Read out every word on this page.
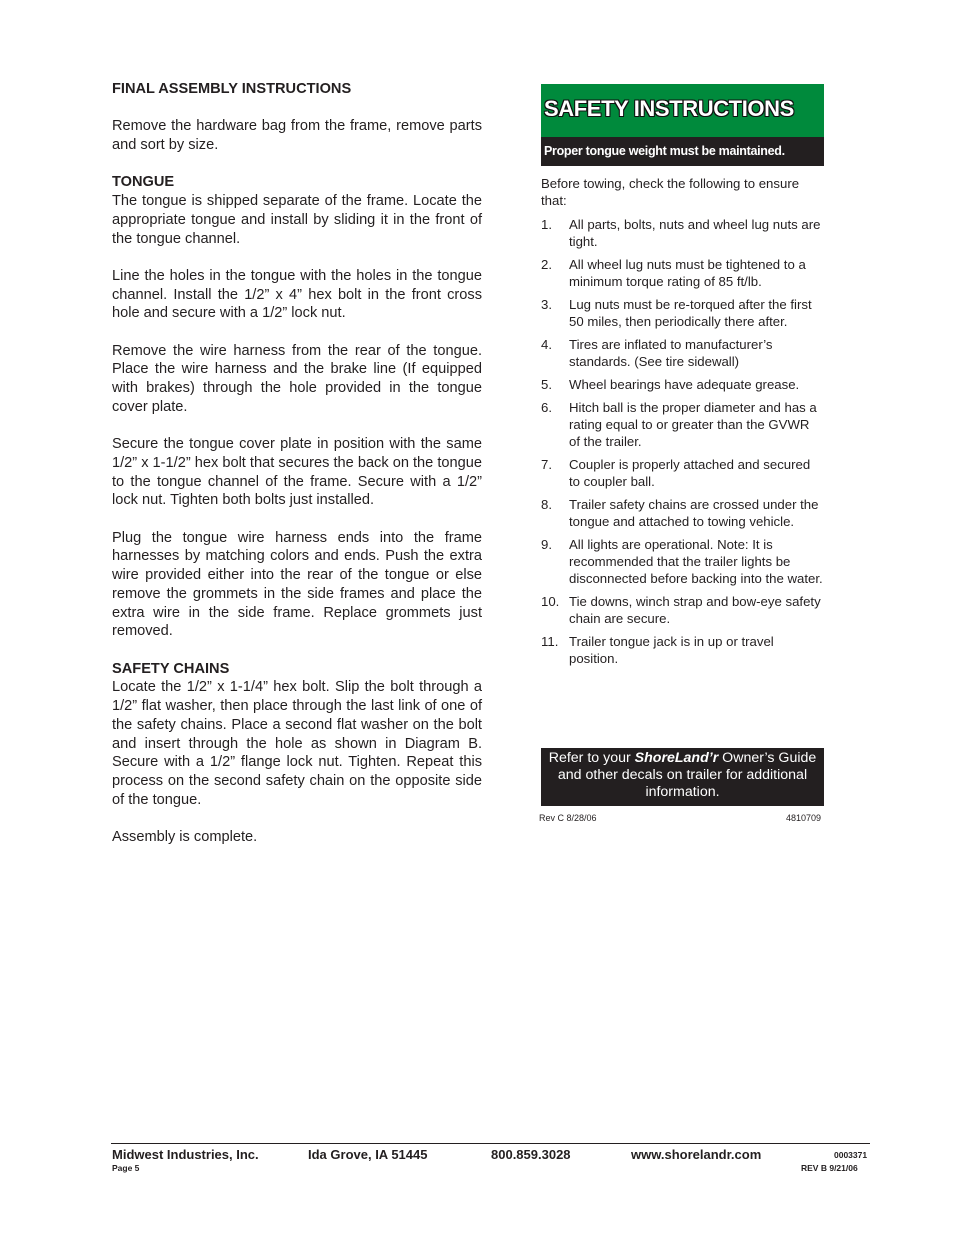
FINAL ASSEMBLY INSTRUCTIONS

Remove the hardware bag from the frame, remove parts and sort by size.

TONGUE

The tongue is shipped separate of the frame. Locate the appropriate tongue and install by sliding it in the front of the tongue channel.

Line the holes in the tongue with the holes in the tongue channel. Install the 1/2” x 4” hex bolt in the front cross hole and secure with a 1/2” lock nut.

Remove the wire harness from the rear of the tongue. Place the wire harness and the brake line (If equipped with brakes) through the hole provided in the tongue cover plate.

Secure the tongue cover plate in position with the same 1/2” x 1-1/2” hex bolt that secures the back on the tongue to the tongue channel of the frame. Secure with a 1/2” lock nut. Tighten both bolts just installed.

Plug the tongue wire harness ends into the frame harnesses by matching colors and ends. Push the extra wire provided either into the rear of the tongue or else remove the grommets in the side frames and place the extra wire in the side frame. Replace grommets just removed.

SAFETY CHAINS

Locate the 1/2” x 1-1/4” hex bolt. Slip the bolt through a 1/2” flat washer, then place through the last link of one of the safety chains. Place a second flat washer on the bolt and insert through the hole as shown in Diagram B. Secure with a 1/2” flange lock nut. Tighten. Repeat this process on the second safety chain on the opposite side of the tongue.

Assembly is complete.

SAFETY INSTRUCTIONS
Proper tongue weight must be maintained.

Before towing, check the following to ensure that:

1. All parts, bolts, nuts and wheel lug nuts are tight.
2. All wheel lug nuts must be tightened to a minimum torque rating of 85 ft/lb.
3. Lug nuts must be re-torqued after the first 50 miles, then periodically there after.
4. Tires are inflated to manufacturer’s standards. (See tire sidewall)
5. Wheel bearings have adequate grease.
6. Hitch ball is the proper diameter and has a rating equal to or greater than the GVWR of the trailer.
7. Coupler is properly attached and secured to coupler ball.
8. Trailer safety chains are crossed under the tongue and attached to towing vehicle.
9. All lights are operational. Note: It is recommended that the trailer lights be disconnected before backing into the water.
10. Tie downs, winch strap and bow-eye safety chain are secure.
11. Trailer tongue jack is in up or travel position.
Refer to your ShoreLand’r Owner’s Guide and other decals on trailer for additional information.
Rev C 8/28/06	4810709
Midwest Industries, Inc.	Ida Grove, IA 51445	800.859.3028	www.shorelandr.com
Page 5
0003371
REV B 9/21/06
